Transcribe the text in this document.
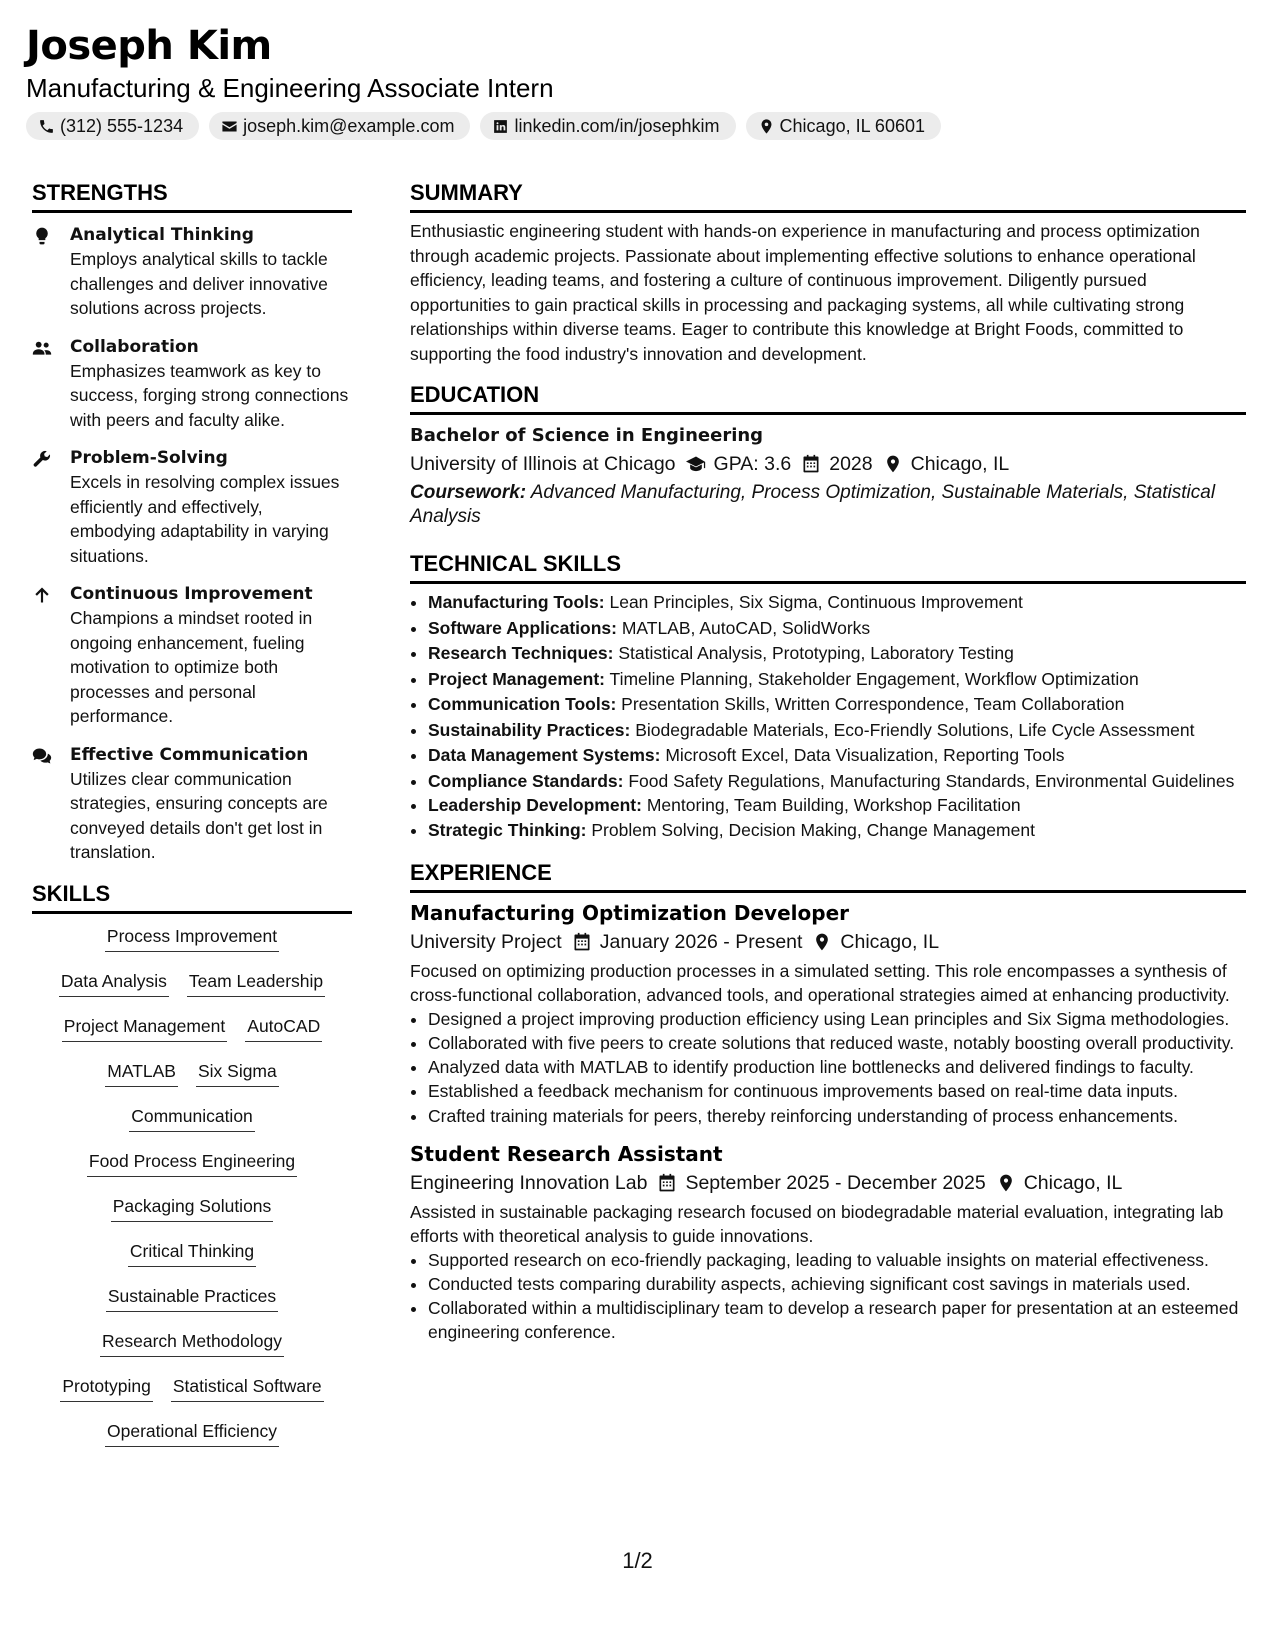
Joseph Kim
Manufacturing & Engineering Associate Intern
(312) 555-1234	joseph.kim@example.com	linkedin.com/in/josephkim	Chicago, IL 60601
STRENGTHS
Analytical Thinking
Employs analytical skills to tackle challenges and deliver innovative solutions across projects.
Collaboration
Emphasizes teamwork as key to success, forging strong connections with peers and faculty alike.
Problem-Solving
Excels in resolving complex issues efficiently and effectively, embodying adaptability in varying situations.
Continuous Improvement
Champions a mindset rooted in ongoing enhancement, fueling motivation to optimize both processes and personal performance.
Effective Communication
Utilizes clear communication strategies, ensuring concepts are conveyed details don't get lost in translation.
SKILLS
Process Improvement
Data Analysis Team Leadership
Project Management AutoCAD
MATLAB Six Sigma
Communication
Food Process Engineering
Packaging Solutions
Critical Thinking
Sustainable Practices
Research Methodology
Prototyping Statistical Software
Operational Efficiency
SUMMARY
Enthusiastic engineering student with hands-on experience in manufacturing and process optimization through academic projects. Passionate about implementing effective solutions to enhance operational efficiency, leading teams, and fostering a culture of continuous improvement. Diligently pursued opportunities to gain practical skills in processing and packaging systems, all while cultivating strong relationships within diverse teams. Eager to contribute this knowledge at Bright Foods, committed to supporting the food industry's innovation and development.
EDUCATION
Bachelor of Science in Engineering
University of Illinois at Chicago GPA: 3.6 2028 Chicago, IL
Coursework: Advanced Manufacturing, Process Optimization, Sustainable Materials, Statistical Analysis
TECHNICAL SKILLS
• Manufacturing Tools: Lean Principles, Six Sigma, Continuous Improvement
• Software Applications: MATLAB, AutoCAD, SolidWorks
• Research Techniques: Statistical Analysis, Prototyping, Laboratory Testing
• Project Management: Timeline Planning, Stakeholder Engagement, Workflow Optimization
• Communication Tools: Presentation Skills, Written Correspondence, Team Collaboration
• Sustainability Practices: Biodegradable Materials, Eco-Friendly Solutions, Life Cycle Assessment
• Data Management Systems: Microsoft Excel, Data Visualization, Reporting Tools
• Compliance Standards: Food Safety Regulations, Manufacturing Standards, Environmental Guidelines
• Leadership Development: Mentoring, Team Building, Workshop Facilitation
• Strategic Thinking: Problem Solving, Decision Making, Change Management
EXPERIENCE
Manufacturing Optimization Developer
University Project January 2026 - Present Chicago, IL
Focused on optimizing production processes in a simulated setting. This role encompasses a synthesis of cross-functional collaboration, advanced tools, and operational strategies aimed at enhancing productivity.
• Designed a project improving production efficiency using Lean principles and Six Sigma methodologies.
• Collaborated with five peers to create solutions that reduced waste, notably boosting overall productivity.
• Analyzed data with MATLAB to identify production line bottlenecks and delivered findings to faculty.
• Established a feedback mechanism for continuous improvements based on real-time data inputs.
• Crafted training materials for peers, thereby reinforcing understanding of process enhancements.
Student Research Assistant
Engineering Innovation Lab September 2025 - December 2025 Chicago, IL
Assisted in sustainable packaging research focused on biodegradable material evaluation, integrating lab efforts with theoretical analysis to guide innovations.
• Supported research on eco-friendly packaging, leading to valuable insights on material effectiveness.
• Conducted tests comparing durability aspects, achieving significant cost savings in materials used.
• Collaborated within a multidisciplinary team to develop a research paper for presentation at an esteemed engineering conference.
1/2
